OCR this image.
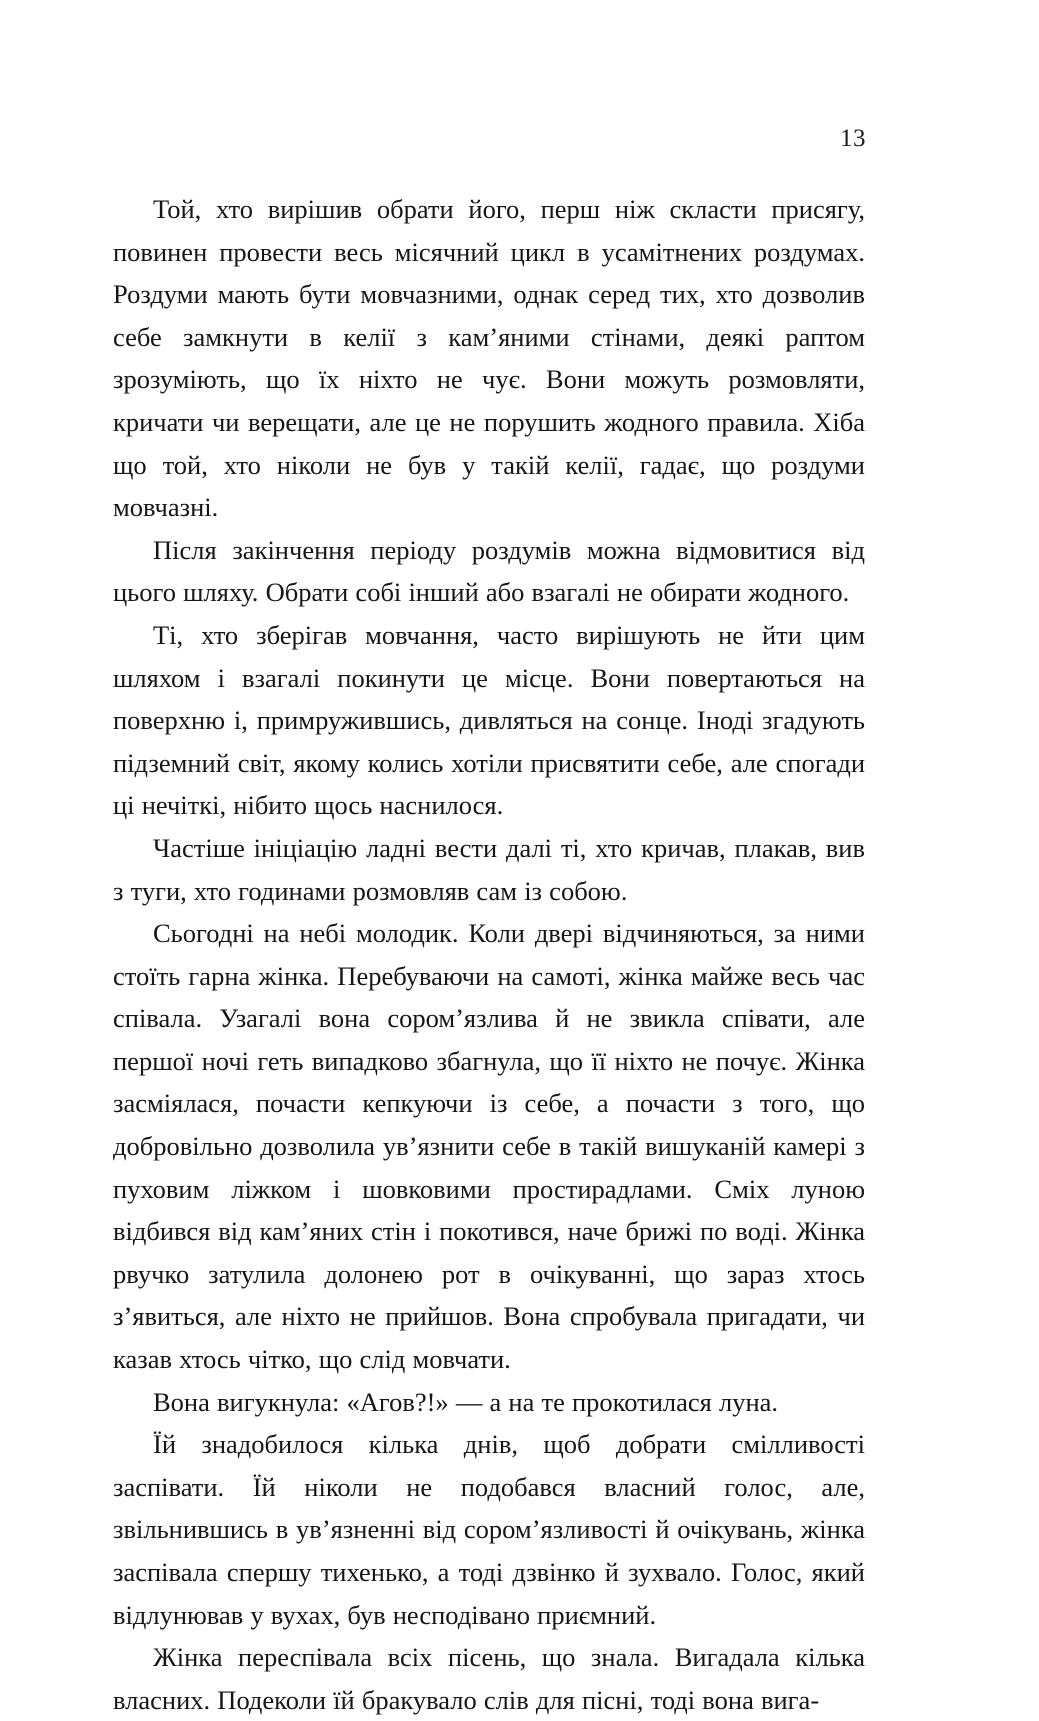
13

Той, хто вирішив обрати його, перш ніж скласти присягу, повинен провести весь місячний цикл в усамітнених роздумах. Роздуми мають бути мовчазними, однак серед тих, хто дозволив себе замкнути в келії з кам’яними стінами, деякі раптом зрозуміють, що їх ніхто не чує. Вони можуть розмовляти, кричати чи верещати, але це не порушить жодного правила. Хіба що той, хто ніколи не був у такій келії, гадає, що роздуми мовчазні.

Після закінчення періоду роздумів можна відмовитися від цього шляху. Обрати собі інший або взагалі не обирати жодного.

Ті, хто зберігав мовчання, часто вирішують не йти цим шляхом і взагалі покинути це місце. Вони повертаються на поверхню і, примружившись, дивляться на сонце. Іноді згадують підземний світ, якому колись хотіли присвятити себе, але спогади ці нечіткі, нібито щось наснилося.

Частіше ініціацію ладні вести далі ті, хто кричав, плакав, вив з туги, хто годинами розмовляв сам із собою.

Сьогодні на небі молодик. Коли двері відчиняються, за ними стоїть гарна жінка. Перебуваючи на самоті, жінка майже весь час співала. Узагалі вона сором’язлива й не звикла співати, але першої ночі геть випадково збагнула, що її ніхто не почує. Жінка засміялася, почасти кепкуючи із себе, а почасти з того, що добровільно дозволила ув’язнити себе в такій вишуканій камері з пуховим ліжком і шовковими простирадлами. Смix луною відбився від кам’яних стін і покотився, наче брижі по воді. Жінка рвучко затулила долонею рот в очікуванні, що зараз хтось з’явиться, але ніхто не прийшов. Вона спробувала пригадати, чи казав хтось чітко, що слід мовчати.

Вона вигукнула: «Агов?!» — а на те прокотилася луна.

Їй знадобилося кілька днів, щоб добрати смілливості заспівати. Їй ніколи не подобався власний голос, але, звільнившись в ув’язненні від сором’язливості й очікувань, жінка заспівала спершу тихенько, а тоді дзвінко й зухвало. Голос, який відлунював у вухах, був несподівано приємний.

Жінка переспівала всіх пісень, що знала. Вигадала кілька власних. Подеколи їй бракувало слів для пісні, тоді вона вига-
